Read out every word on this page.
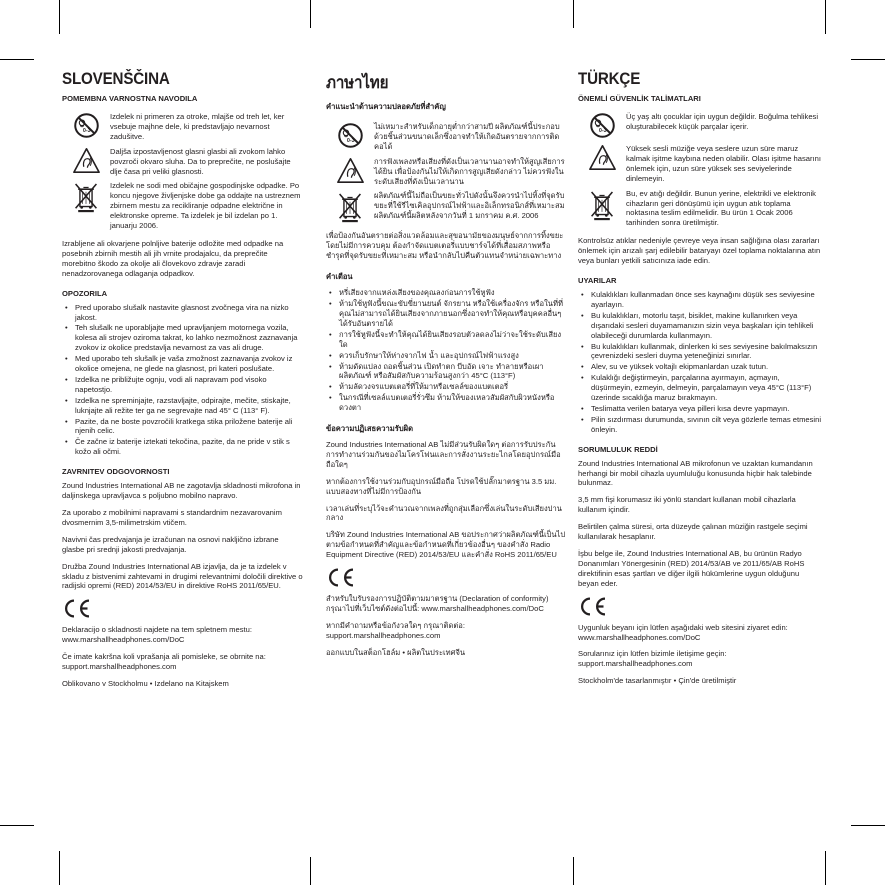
SLOVENŠČINA
POMEMBNA VARNOSTNA NAVODILA

Izdelek ni primeren za otroke, mlajše od treh let, ker vsebuje majhne dele, ki predstavljajo nevarnost zadušitve.

Daljša izpostavljenost glasni glasbi ali zvokom lahko povzroči okvaro sluha. Da to preprečite, ne poslušajte dlje časa pri veliki glasnosti.

Izdelek ne sodi med običajne gospodinjske odpadke. Po koncu njegove življenjske dobe ga oddajte na ustreznem zbirnem mestu za recikliranje odpadne električne in elektronske opreme. Ta izdelek je bil izdelan po 1. januarju 2006.

Izrabljene ali okvarjene polnljive baterije odložite med odpadke na posebnih zbirnih mestih ali jih vrnite prodajalcu, da preprečite morebitno škodo za okolje ali človekovo zdravje zaradi nenadzorovanega odlaganja odpadkov.

OPOZORILA
• Pred uporabo slušalk nastavite glasnost zvočnega vira na nizko jakost.
• Teh slušalk ne uporabljajte med upravljanjem motornega vozila, kolesa ali strojev oziroma takrat, ko lahko nezmožnost zaznavanja zvokov iz okolice predstavlja nevarnost za vas ali druge.
• Med uporabo teh slušalk je vaša zmožnost zaznavanja zvokov iz okolice omejena, ne glede na glasnost, pri kateri poslušate.
• Izdelka ne približujte ognju, vodi ali napravam pod visoko napetostjo.
• Izdelka ne spreminjajte, razstavljajte, odpirajte, mečite, stiskajte, luknjajte ali režite ter ga ne segrevajte nad 45° C (113° F).
• Pazite, da ne boste povzročili kratkega stika priložene baterije ali njenih celic.
• Če začne iz baterije iztekati tekočina, pazite, da ne pride v stik s kožo ali očmi.
ZAVRNITEV ODGOVORNOSTI

Zound Industries International AB ne zagotavlja skladnosti mikrofona in daljinskega upravljavca s poljubno mobilno napravo.

Za uporabo z mobilnimi napravami s standardnim nezavarovanim dvosmernim 3,5-milimetrskim vtičem.

Navivni čas predvajanja je izračunan na osnovi nakljično izbrane glasbe pri srednji jakosti predvajanja.

Družba Zound Industries International AB izjavlja, da je ta izdelek v skladu z bistvenimi zahtevami in drugimi relevantnimi določili direktive o radijski opremi (RED) 2014/53/EU in direktive RoHS 2011/65/EU.

Deklaracijo o skladnosti najdete na tem spletnem mestu: www.marshallheadphones.com/DoC

Če imate kakršna koli vprašanja ali pomisleke, se obrnite na: support.marshallheadphones.com

Oblikovano v Stockholmu • Izdelano na Kitajskem

ภาษาไทย
คำแนะนำด้านความปลอดภัยที่สำคัญ

ไม่เหมาะสำหรับเด็กอายุต่ำกว่าสามปี ผลิตภัณฑ์นี้ประกอบด้วยชิ้นส่วนขนาดเล็กซึ่งอาจทำให้เกิดอันตรายจากการติดคอได้

การฟังเพลงหรือเสียงที่ดังเป็นเวลานานอาจทำให้สูญเสียการได้ยิน เพื่อป้องกันไม่ให้เกิดการสูญเสียดังกล่าว ไม่ควรฟังในระดับเสียงที่ดังเป็นเวลานาน

ผลิตภัณฑ์นี้ไม่ถือเป็นขยะทั่วไปดังนั้นจึงควรนำไปทิ้งที่จุดรับขยะที่ใช้รีไซเคิลอุปกรณ์ไฟฟ้าและอิเล็กทรอนิกส์ที่เหมาะสม ผลิตภัณฑ์นี้ผลิตหลังจากวันที่ 1 มกราคม ค.ศ. 2006

เพื่อป้องกันอันตรายต่อสิ่งแวดล้อมและสุขอนามัยของมนุษย์จากการทิ้งขยะโดยไม่มีการควบคุม ต้องกำจัดแบตเตอรี่แบบชาร์จได้ที่เสื่อมสภาพหรือชำรุดที่จุดรับขยะที่เหมาะสม หรือนำกลับไปคืนตัวแทนจำหน่ายเฉพาะทาง

คำเตือน
• หรี่เสียงจากแหล่งเสียงของคุณลงก่อนการใช้หูฟัง
• ห้ามใช้หูฟังนี้ขณะขับขี่ยานยนต์ จักรยาน หรือใช้เครื่องจักร หรือในที่ที่คุณไม่สามารถได้ยินเสียงจากภายนอกซึ่งอาจทำให้คุณหรือบุคคลอื่นๆ ได้รับอันตรายได้
• การใช้หูฟังนี้จะทำให้คุณได้ยินเสียงรอบตัวลดลงไม่ว่าจะใช้ระดับเสียงใด
• ควรเก็บรักษาให้ห่างจากไฟ น้ำ และอุปกรณ์ไฟฟ้าแรงสูง
• ห้ามดัดแปลง ถอดชิ้นส่วน เปิดทำตก บีบอัด เจาะ ทำลายหรือเผาผลิตภัณฑ์ หรือสัมผัสกับความร้อนสูงกว่า 45°C (113°F)
• ห้ามลัดวงจรแบตเตอรี่ที่ให้มาหรือเซลล์ของแบตเตอรี่
• ในกรณีที่เซลล์แบตเตอรี่รั่วซึม ห้ามให้ของเหลวสัมผัสกับผิวหนังหรือดวงตา
ข้อความปฏิเสธความรับผิด

Zound Industries International AB ไม่มีส่วนรับผิดใดๆ ต่อการรับประกันการทำงานร่วมกันของไมโครโฟนและการสั่งงานระยะไกลโดยอุปกรณ์มือถือใดๆ

หากต้องการใช้งานร่วมกับอุปกรณ์มือถือ โปรดใช้ปลั๊กมาตรฐาน 3.5 มม. แบบสองทางที่ไม่มีการป้องกัน

เวลาเล่นที่ระบุไว้จะคำนวณจากเพลงที่ถูกสุ่มเลือกซึ่งเล่นในระดับเสียงปานกลาง

บริษัท Zound Industries International AB ขอประกาศว่าผลิตภัณฑ์นี้เป็นไปตามข้อกำหนดที่สำคัญและข้อกำหนดที่เกี่ยวข้องอื่นๆ ของคำสั่ง Radio Equipment Directive (RED) 2014/53/EU และคำสั่ง RoHS 2011/65/EU

สำหรับใบรับรองการปฏิบัติตามมาตรฐาน (Declaration of conformity) กรุณาไปที่เว็บไซต์ดังต่อไปนี้: www.marshallheadphones.com/DoC

หากมีคำถามหรือข้อกังวลใดๆ กรุณาติดต่อ: support.marshallheadphones.com

ออกแบบในสต็อกโฮล์ม • ผลิตในประเทศจีน

TÜRKÇE
ÖNEMLİ GÜVENLİK TALİMATLARI

Üç yaş altı çocuklar için uygun değildir. Boğulma tehlikesi oluşturabilecek küçük parçalar içerir.

Yüksek sesli müziğe veya seslere uzun süre maruz kalmak işitme kaybına neden olabilir. Olası işitme hasarını önlemek için, uzun süre yüksek ses seviyelerinde dinlemeyin.

Bu, ev atığı değildir. Bunun yerine, elektrikli ve elektronik cihazların geri dönüşümü için uygun atık toplama noktasına teslim edilmelidir. Bu ürün 1 Ocak 2006 tarihinden sonra üretilmiştir.

Kontrolsüz atıklar nedeniyle çevreye veya insan sağlığına olası zararları önlemek için arızalı şarj edilebilir bataryayı özel toplama noktalarına atın veya bunları yetkili satıcınıza iade edin.

UYARILAR
• Kulaklıkları kullanmadan önce ses kaynağını düşük ses seviyesine ayarlayın.
• Bu kulaklıkları, motorlu taşıt, bisiklet, makine kullanırken veya dışarıdaki sesleri duyamamanızın sizin veya başkaları için tehlikeli olabileceği durumlarda kullanmayın.
• Bu kulaklıkları kullanmak, dinlerken ki ses seviyesine bakılmaksızın çevrenizdeki sesleri duyma yeteneğinizi sınırlar.
• Alev, su ve yüksek voltajlı ekipmanlardan uzak tutun.
• Kulaklığı değiştirmeyin, parçalarına ayırmayın, açmayın, düşürmeyin, ezmeyin, delmeyin, parçalamayın veya 45°C (113°F) üzerinde sıcaklığa maruz bırakmayın.
• Teslimatta verilen batarya veya pilleri kısa devre yapmayın.
• Pilin sızdırması durumunda, sıvının cilt veya gözlerle temas etmesini önleyin.
SORUMLULUK REDDİ

Zound Industries International AB mikrofonun ve uzaktan kumandanın herhangi bir mobil cihazla uyumluluğu konusunda hiçbir hak talebinde bulunmaz.

3,5 mm fişi korumasız iki yönlü standart kullanan mobil cihazlarla kullanım içindir.

Belirtilen çalma süresi, orta düzeyde çalınan müziğin rastgele seçimi kullanılarak hesaplanır.

İşbu belge ile, Zound Industries International AB, bu ürünün Radyo Donanımları Yönergesinin (RED) 2014/53/AB ve 2011/65/AB RoHS direktifinin esas şartları ve diğer ilgili hükümlerine uygun olduğunu beyan eder.

Uygunluk beyanı için lütfen aşağıdaki web sitesini ziyaret edin: www.marshallheadphones.com/DoC

Sorularınız için lütfen bizimle iletişime geçin: support.marshallheadphones.com

Stockholm'de tasarlanmıştır • Çin'de üretilmiştir
